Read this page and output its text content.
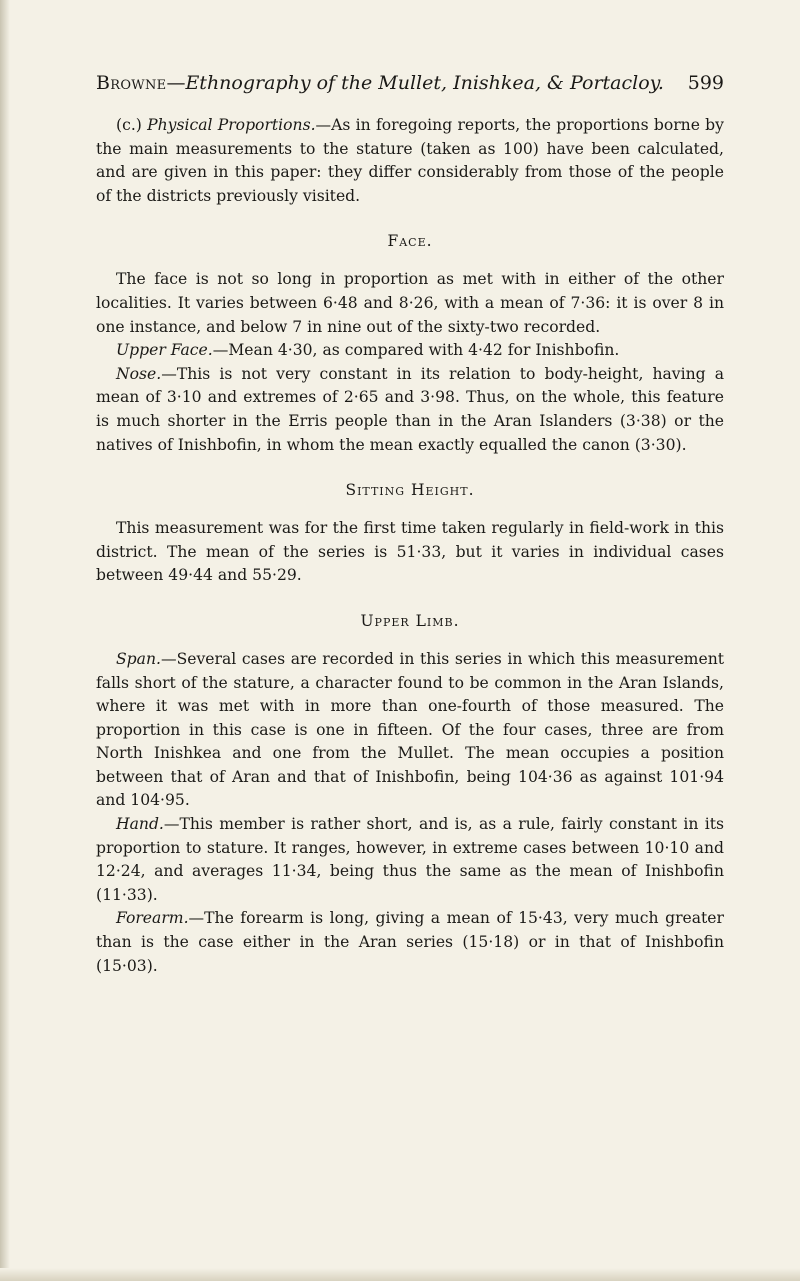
Browne—Ethnography of the Mullet, Inishkea, & Portacloy. 599

(c.) Physical Proportions.—As in foregoing reports, the proportions borne by the main measurements to the stature (taken as 100) have been calculated, and are given in this paper: they differ considerably from those of the people of the districts previously visited.

Face.

The face is not so long in proportion as met with in either of the other localities. It varies between 6·48 and 8·26, with a mean of 7·36: it is over 8 in one instance, and below 7 in nine out of the sixty-two recorded.

Upper Face.—Mean 4·30, as compared with 4·42 for Inishbofin.

Nose.—This is not very constant in its relation to body-height, having a mean of 3·10 and extremes of 2·65 and 3·98. Thus, on the whole, this feature is much shorter in the Erris people than in the Aran Islanders (3·38) or the natives of Inishbofin, in whom the mean exactly equalled the canon (3·30).

Sitting Height.

This measurement was for the first time taken regularly in field-work in this district. The mean of the series is 51·33, but it varies in individual cases between 49·44 and 55·29.

Upper Limb.

Span.—Several cases are recorded in this series in which this measurement falls short of the stature, a character found to be common in the Aran Islands, where it was met with in more than one-fourth of those measured. The proportion in this case is one in fifteen. Of the four cases, three are from North Inishkea and one from the Mullet. The mean occupies a position between that of Aran and that of Inishbofin, being 104·36 as against 101·94 and 104·95.

Hand.—This member is rather short, and is, as a rule, fairly constant in its proportion to stature. It ranges, however, in extreme cases between 10·10 and 12·24, and averages 11·34, being thus the same as the mean of Inishbofin (11·33).

Forearm.—The forearm is long, giving a mean of 15·43, very much greater than is the case either in the Aran series (15·18) or in that of Inishbofin (15·03).
